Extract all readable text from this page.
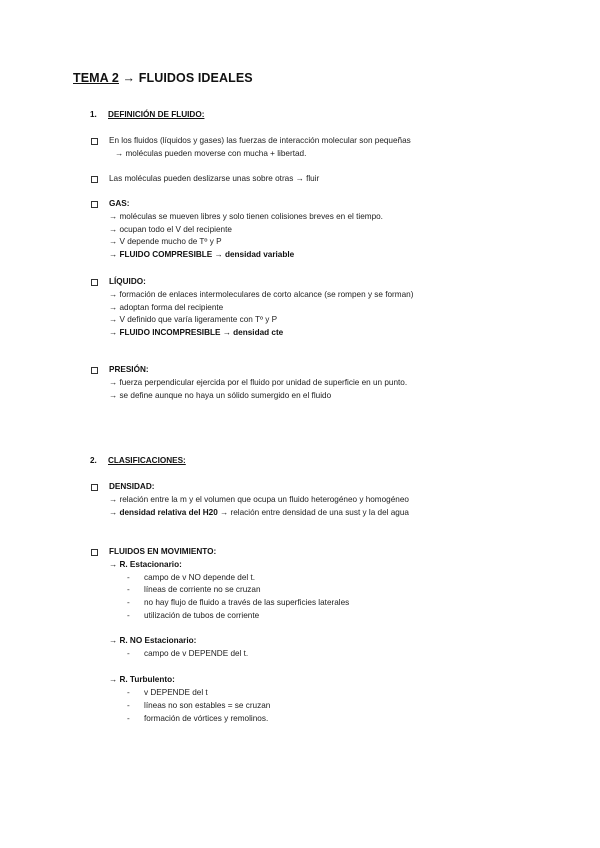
TEMA 2 → FLUIDOS IDEALES
1. DEFINICIÓN DE FLUIDO:
En los fluidos (líquidos y gases) las fuerzas de interacción molecular son pequeñas
→ moléculas pueden moverse con mucha + libertad.
Las moléculas pueden deslizarse unas sobre otras → fluir
GAS:
→ moléculas se mueven libres y solo tienen colisiones breves en el tiempo.
→ ocupan todo el V del recipiente
→ V depende mucho de Tº y P
→ FLUIDO COMPRESIBLE → densidad variable
LÍQUIDO:
→ formación de enlaces intermoleculares de corto alcance (se rompen y se forman)
→ adoptan forma del recipiente
→ V definido que varía ligeramente con Tº y P
→ FLUIDO INCOMPRESIBLE → densidad cte
PRESIÓN:
→ fuerza perpendicular ejercida por el fluido por unidad de superficie en un punto.
→ se define aunque no haya un sólido sumergido en el fluido
2. CLASIFICACIONES:
DENSIDAD:
→ relación entre la m y el volumen que ocupa un fluido heterogéneo y homogéneo
→ densidad relativa del H20 → relación entre densidad de una sust y la del agua
FLUIDOS EN MOVIMIENTO:
→ R. Estacionario:
- campo de v NO depende del t.
- líneas de corriente no se cruzan
- no hay flujo de fluido a través de las superficies laterales
- utilización de tubos de corriente
→ R. NO Estacionario:
- campo de v DEPENDE del t.
→ R. Turbulento:
- v DEPENDE del t
- líneas no son estables = se cruzan
- formación de vórtices y remolinos.
